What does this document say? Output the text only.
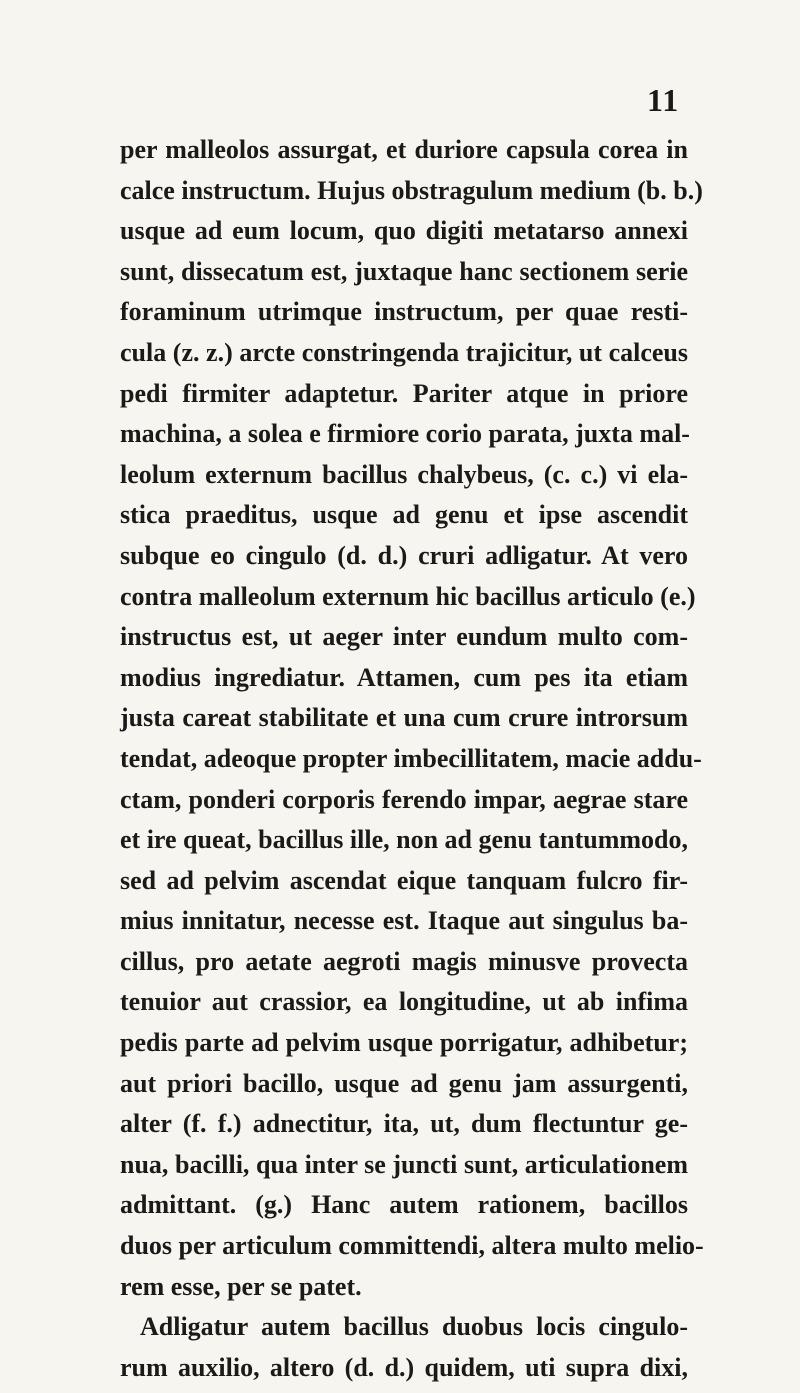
11
per malleolos assurgat, et duriore capsula corea in
calce instructum. Hujus obstragulum medium (b. b.)
usque ad eum locum, quo digiti metatarso annexi
sunt, dissecatum est, juxtaque hanc sectionem serie
foraminum utrimque instructum, per quae resti-
cula (z. z.) arcte constringenda trajicitur, ut calceus
pedi firmiter adaptetur. Pariter atque in priore
machina, a solea e firmiore corio parata, juxta mal-
leolum externum bacillus chalybeus, (c. c.) vi ela-
stica praeditus, usque ad genu et ipse ascendit
subque eo cingulo (d. d.) cruri adligatur. At vero
contra malleolum externum hic bacillus articulo (e.)
instructus est, ut aeger inter eundum multo com-
modius ingrediatur. Attamen, cum pes ita etiam
justa careat stabilitate et una cum crure introrsum
tendat, adeoque propter imbecillitatem, macie addu-
ctam, ponderi corporis ferendo impar, aegrae stare
et ire queat, bacillus ille, non ad genu tantummodo,
sed ad pelvim ascendat eique tanquam fulcro fir-
mius innitatur, necesse est. Itaque aut singulus ba-
cillus, pro aetate aegroti magis minusve provecta
tenuior aut crassior, ea longitudine, ut ab infima
pedis parte ad pelvim usque porrigatur, adhibetur;
aut priori bacillo, usque ad genu jam assurgenti,
alter (f. f.) adnectitur, ita, ut, dum flectuntur ge-
nua, bacilli, qua inter se juncti sunt, articulationem
admittant. (g.) Hanc autem rationem, bacillos
duos per articulum committendi, altera multo melio-
rem esse, per se patet.
Adligatur autem bacillus duobus locis cingulo-
rum auxilio, altero (d. d.) quidem, uti supra dixi,
